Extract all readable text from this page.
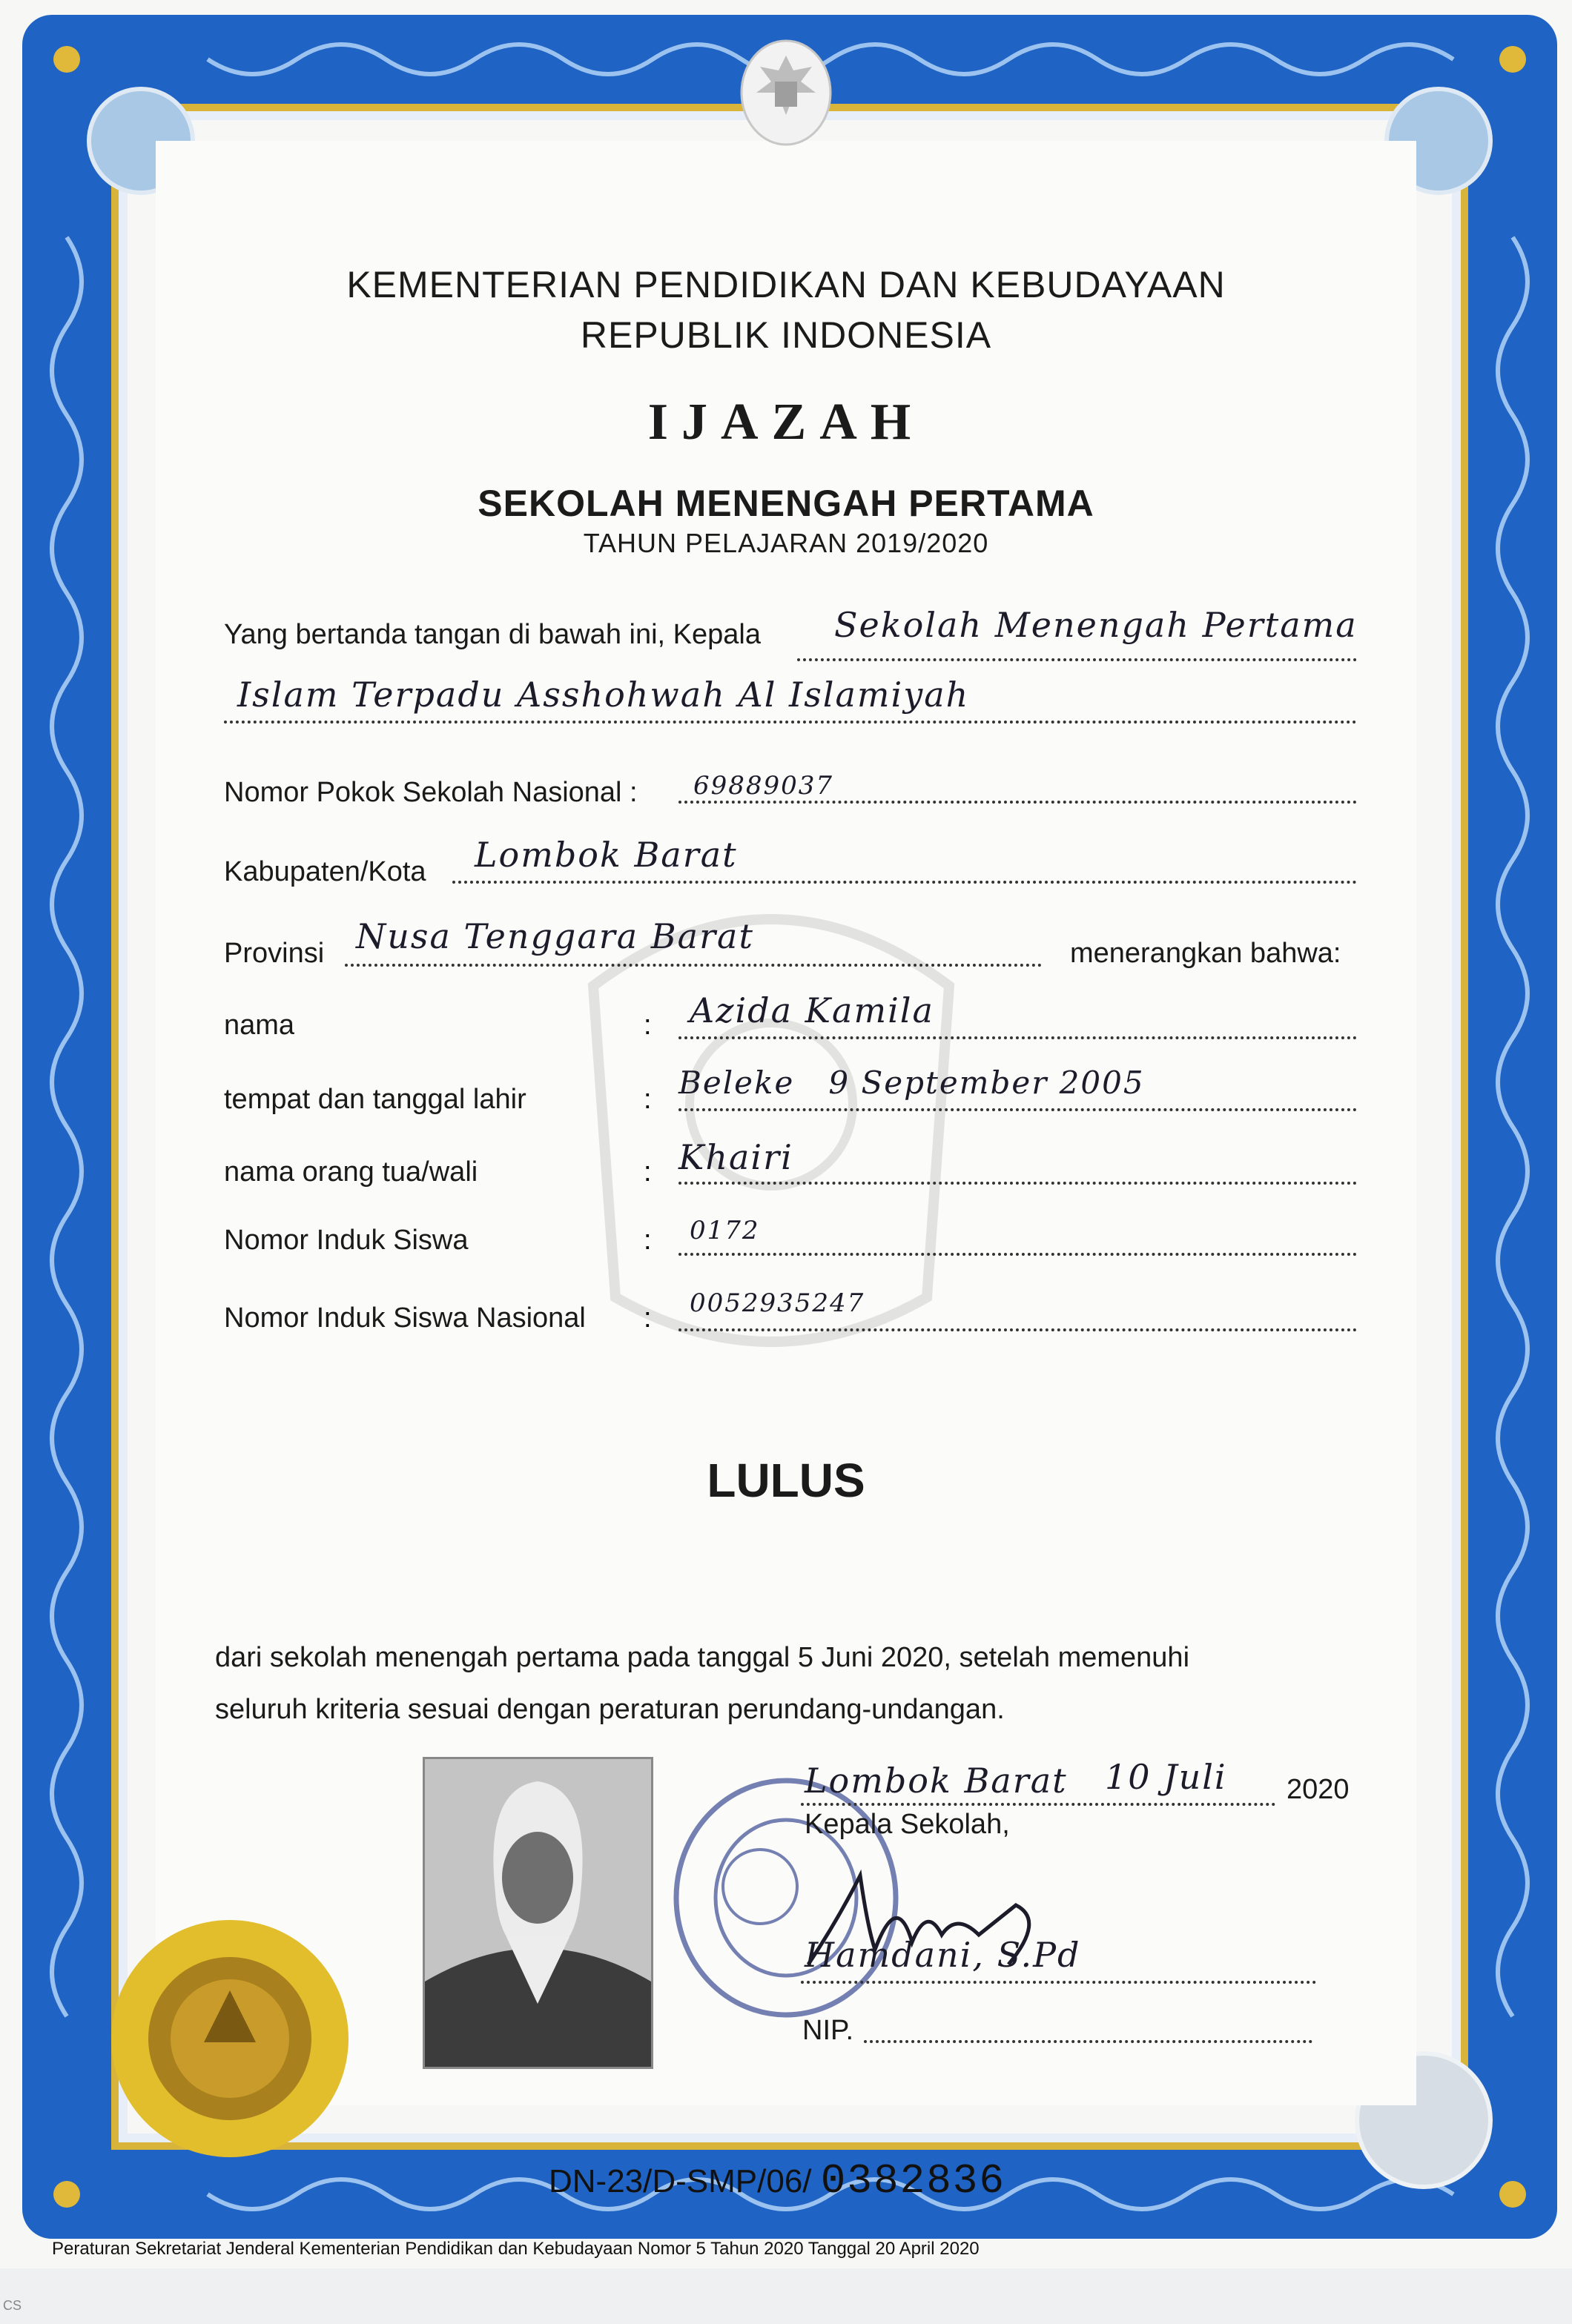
KEMENTERIAN PENDIDIKAN DAN KEBUDAYAAN
REPUBLIK INDONESIA
IJAZAH
SEKOLAH MENENGAH PERTAMA
TAHUN PELAJARAN 2019/2020
Yang bertanda tangan di bawah ini, Kepala Sekolah Menengah Pertama
Islam Terpadu Asshohwah Al Islamiyah
Nomor Pokok Sekolah Nasional : 69889037
Kabupaten/Kota Lombok Barat
Provinsi Nusa Tenggara Barat	menerangkan bahwa:
nama	: Azida Kamila
tempat dan tanggal lahir	: Beleke   9 September 2005
nama orang tua/wali	: Khairi
Nomor Induk Siswa	: 0172
Nomor Induk Siswa Nasional : 0052935247
LULUS
dari sekolah menengah pertama pada tanggal 5 Juni 2020, setelah memenuhi
seluruh kriteria sesuai dengan peraturan perundang-undangan.
Lombok Barat 10 Juli 2020
Kepala Sekolah,
Hamdani, S.Pd
NIP.
DN-23/D-SMP/06/ 0382836
Peraturan Sekretariat Jenderal Kementerian Pendidikan dan Kebudayaan Nomor 5 Tahun 2020 Tanggal 20 April 2020
CS
